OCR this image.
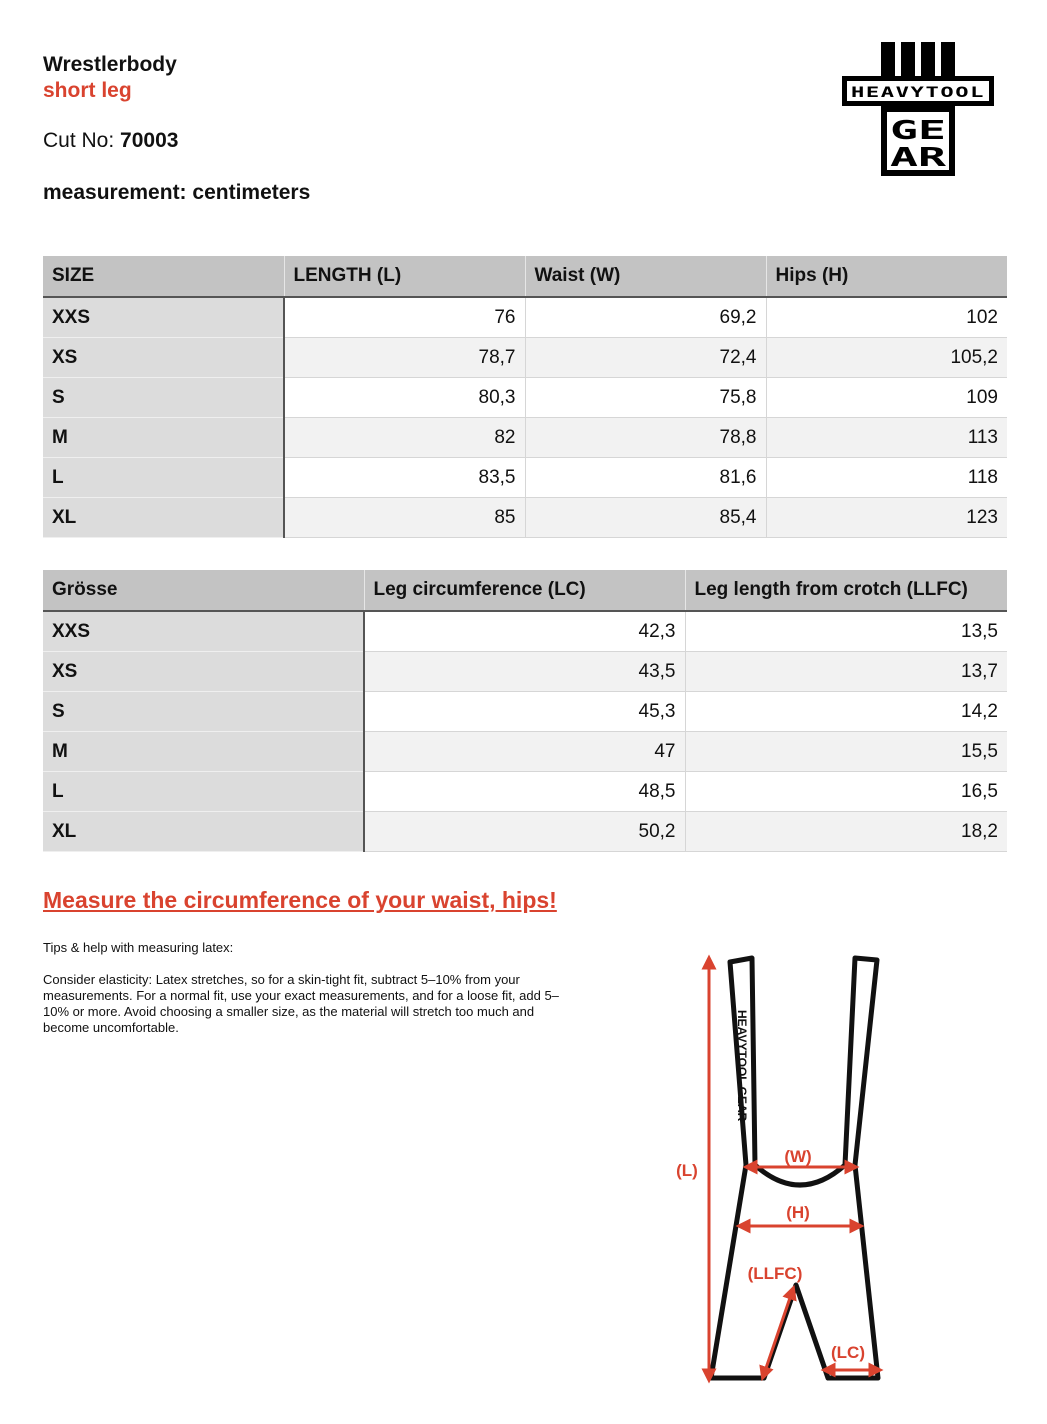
Wrestlerbody
short leg
Cut No: 70003
measurement: centimeters
HEAVYTOOL
GE
AR
SIZE	LENGTH (L)	Waist (W)	Hips (H)
XXS	76	69,2	102
XS	78,7	72,4	105,2
S	80,3	75,8	109
M	82	78,8	113
L	83,5	81,6	118
XL	85	85,4	123
Grösse	Leg circumference (LC)	Leg length from crotch (LLFC)
XXS	42,3	13,5
XS	43,5	13,7
S	45,3	14,2
M	47	15,5
L	48,5	16,5
XL	50,2	18,2

Measure the circumference of your waist, hips!

Tips & help with measuring latex:

Consider elasticity: Latex stretches, so for a skin-tight fit, subtract 5–10% from your measurements. For a normal fit, use your exact measurements, and for a loose fit, add 5–10% or more. Avoid choosing a smaller size, as the material will stretch too much and become uncomfortable.	HEAVYTOOL GEAR
(L)
(W)
(H)
(LLFC)
(LC)
